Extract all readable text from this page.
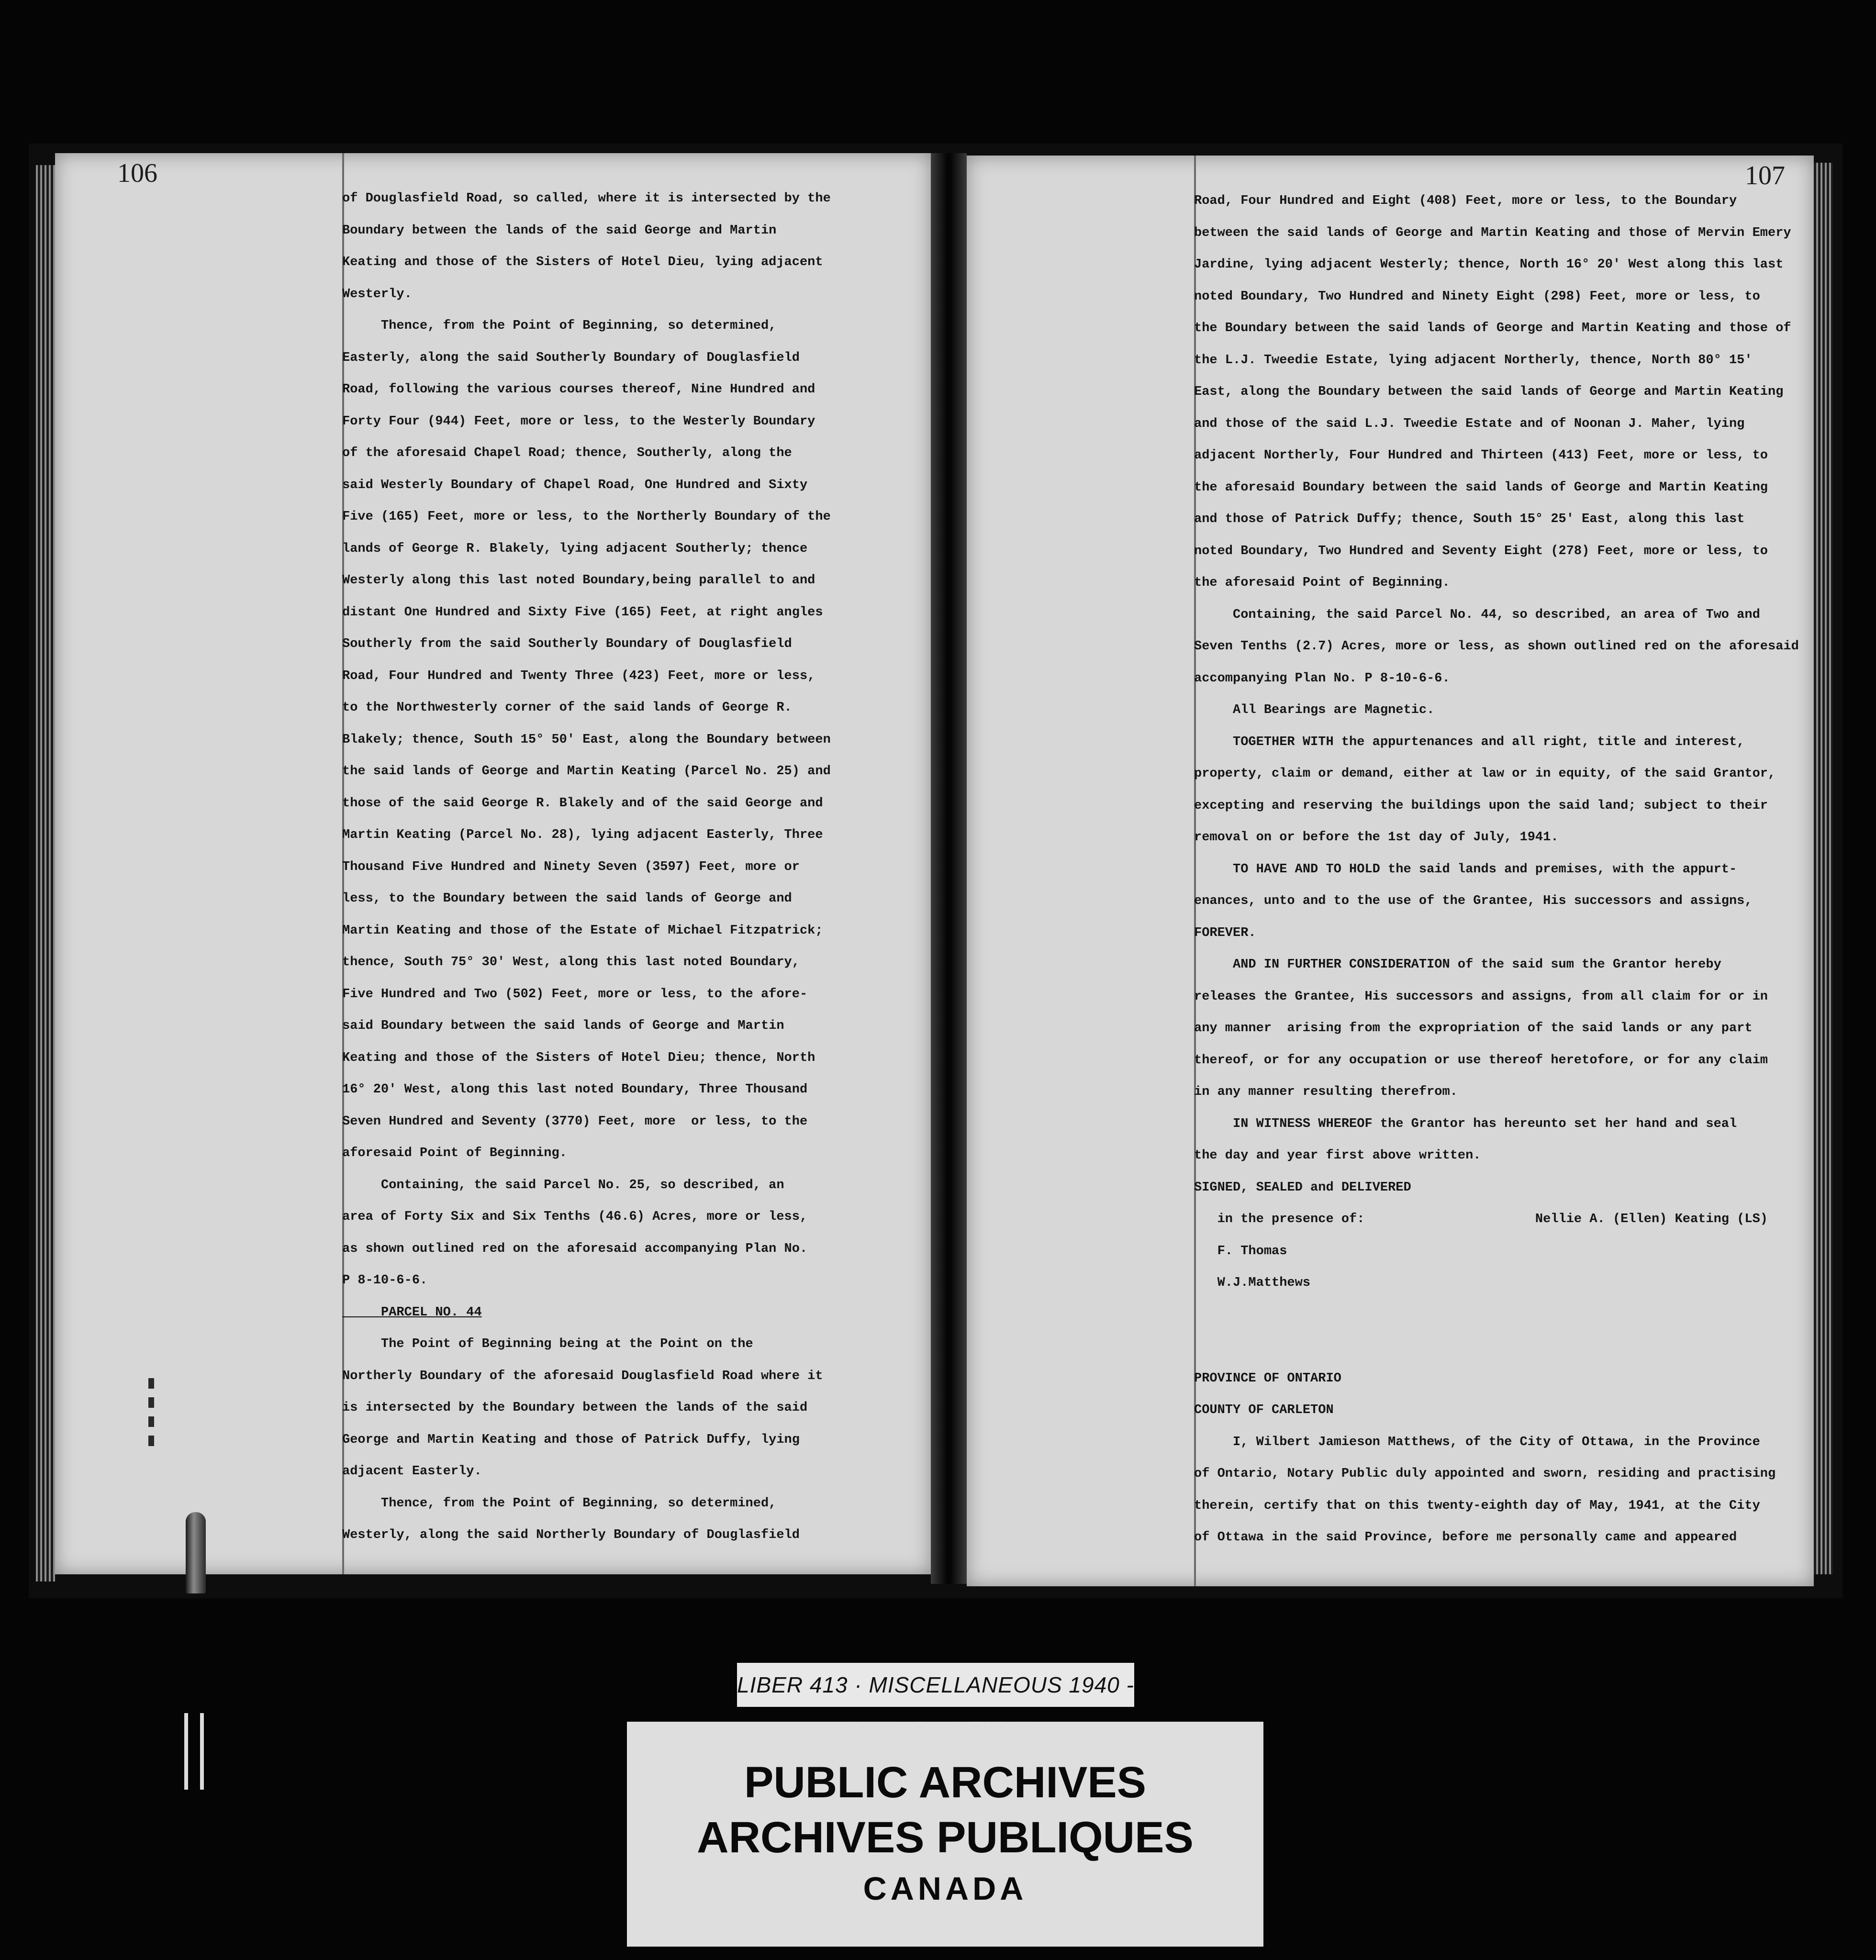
106
of Douglasfield Road, so called, where it is intersected by the
Boundary between the lands of the said George and Martin
Keating and those of the Sisters of Hotel Dieu, lying adjacent
Westerly.
Thence, from the Point of Beginning, so determined,
Easterly, along the said Southerly Boundary of Douglasfield
Road, following the various courses thereof, Nine Hundred and
Forty Four (944) Feet, more or less, to the Westerly Boundary
of the aforesaid Chapel Road; thence, Southerly, along the
said Westerly Boundary of Chapel Road, One Hundred and Sixty
Five (165) Feet, more or less, to the Northerly Boundary of the
lands of George R. Blakely, lying adjacent Southerly; thence
Westerly along this last noted Boundary,being parallel to and
distant One Hundred and Sixty Five (165) Feet, at right angles
Southerly from the said Southerly Boundary of Douglasfield
Road, Four Hundred and Twenty Three (423) Feet, more or less,
to the Northwesterly corner of the said lands of George R.
Blakely; thence, South 15° 50' East, along the Boundary between
the said lands of George and Martin Keating (Parcel No. 25) and
those of the said George R. Blakely and of the said George and
Martin Keating (Parcel No. 28), lying adjacent Easterly, Three
Thousand Five Hundred and Ninety Seven (3597) Feet, more or
less, to the Boundary between the said lands of George and
Martin Keating and those of the Estate of Michael Fitzpatrick;
thence, South 75° 30' West, along this last noted Boundary,
Five Hundred and Two (502) Feet, more or less, to the afore-
said Boundary between the said lands of George and Martin
Keating and those of the Sisters of Hotel Dieu; thence, North
16° 20' West, along this last noted Boundary, Three Thousand
Seven Hundred and Seventy (3770) Feet, more  or less, to the
aforesaid Point of Beginning.
Containing, the said Parcel No. 25, so described, an
area of Forty Six and Six Tenths (46.6) Acres, more or less,
as shown outlined red on the aforesaid accompanying Plan No.
P 8-10-6-6.
PARCEL NO. 44
The Point of Beginning being at the Point on the
Northerly Boundary of the aforesaid Douglasfield Road where it
is intersected by the Boundary between the lands of the said
George and Martin Keating and those of Patrick Duffy, lying
adjacent Easterly.
Thence, from the Point of Beginning, so determined,
Westerly, along the said Northerly Boundary of Douglasfield
107
Road, Four Hundred and Eight (408) Feet, more or less, to the Boundary
between the said lands of George and Martin Keating and those of Mervin Emery
Jardine, lying adjacent Westerly; thence, North 16° 20' West along this last
noted Boundary, Two Hundred and Ninety Eight (298) Feet, more or less, to
the Boundary between the said lands of George and Martin Keating and those of
the L.J. Tweedie Estate, lying adjacent Northerly, thence, North 80° 15'
East, along the Boundary between the said lands of George and Martin Keating
and those of the said L.J. Tweedie Estate and of Noonan J. Maher, lying
adjacent Northerly, Four Hundred and Thirteen (413) Feet, more or less, to
the aforesaid Boundary between the said lands of George and Martin Keating
and those of Patrick Duffy; thence, South 15° 25' East, along this last
noted Boundary, Two Hundred and Seventy Eight (278) Feet, more or less, to
the aforesaid Point of Beginning.
Containing, the said Parcel No. 44, so described, an area of Two and
Seven Tenths (2.7) Acres, more or less, as shown outlined red on the aforesaid
accompanying Plan No. P 8-10-6-6.
All Bearings are Magnetic.
TOGETHER WITH the appurtenances and all right, title and interest,
property, claim or demand, either at law or in equity, of the said Grantor,
excepting and reserving the buildings upon the said land; subject to their
removal on or before the 1st day of July, 1941.
TO HAVE AND TO HOLD the said lands and premises, with the appurt-
enances, unto and to the use of the Grantee, His successors and assigns,
FOREVER.
AND IN FURTHER CONSIDERATION of the said sum the Grantor hereby
releases the Grantee, His successors and assigns, from all claim for or in
any manner  arising from the expropriation of the said lands or any part
thereof, or for any occupation or use thereof heretofore, or for any claim
in any manner resulting therefrom.
IN WITNESS WHEREOF the Grantor has hereunto set her hand and seal
the day and year first above written.
SIGNED, SEALED and DELIVERED
in the presence of:                      Nellie A. (Ellen) Keating (LS)
F. Thomas
W.J.Matthews
PROVINCE OF ONTARIO
COUNTY OF CARLETON
I, Wilbert Jamieson Matthews, of the City of Ottawa, in the Province
of Ontario, Notary Public duly appointed and sworn, residing and practising
therein, certify that on this twenty-eighth day of May, 1941, at the City
of Ottawa in the said Province, before me personally came and appeared
LIBER 413 · MISCELLANEOUS 1940 -
PUBLIC ARCHIVES
ARCHIVES PUBLIQUES
CANADA
